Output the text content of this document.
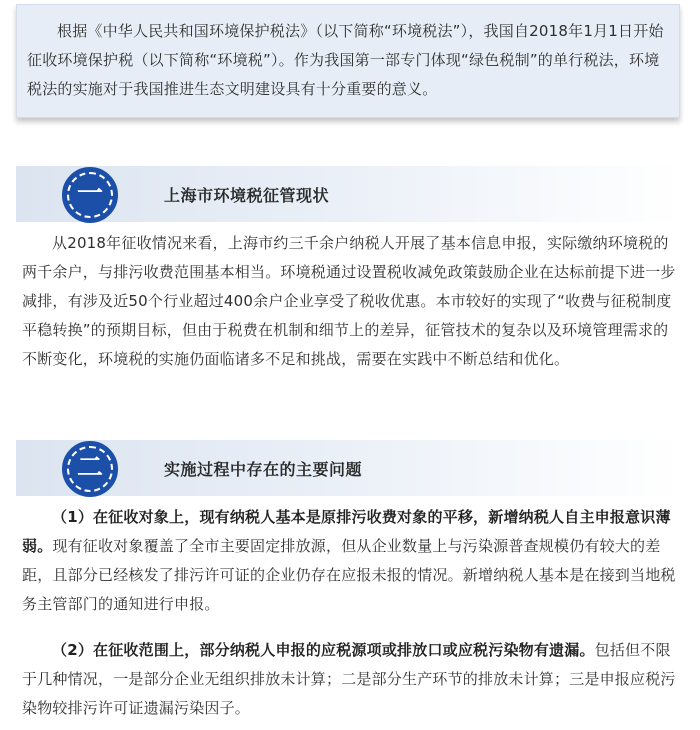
根据《中华人民共和国环境保护税法》（以下简称“环境税法”），我国自2018年1月1日开始征收环境保护税（以下简称“环境税”）。作为我国第一部专门体现“绿色税制”的单行税法，环境税法的实施对于我国推进生态文明建设具有十分重要的意义。

一	上海市环境税征管现状

从2018年征收情况来看，上海市约三千余户纳税人开展了基本信息申报，实际缴纳环境税的两千余户，与排污收费范围基本相当。环境税通过设置税收减免政策鼓励企业在达标前提下进一步减排，有涉及近50个行业超过400余户企业享受了税收优惠。本市较好的实现了“收费与征税制度平稳转换”的预期目标，但由于税费在机制和细节上的差异，征管技术的复杂以及环境管理需求的不断变化，环境税的实施仍面临诸多不足和挑战，需要在实践中不断总结和优化。

二	实施过程中存在的主要问题

（1）在征收对象上，现有纳税人基本是原排污收费对象的平移，新增纳税人自主申报意识薄弱。现有征收对象覆盖了全市主要固定排放源，但从企业数量上与污染源普查规模仍有较大的差距，且部分已经核发了排污许可证的企业仍存在应报未报的情况。新增纳税人基本是在接到当地税务主管部门的通知进行申报。

（2）在征收范围上，部分纳税人申报的应税源项或排放口或应税污染物有遗漏。包括但不限于几种情况，一是部分企业无组织排放未计算；二是部分生产环节的排放未计算；三是申报应税污染物较排污许可证遗漏污染因子。
